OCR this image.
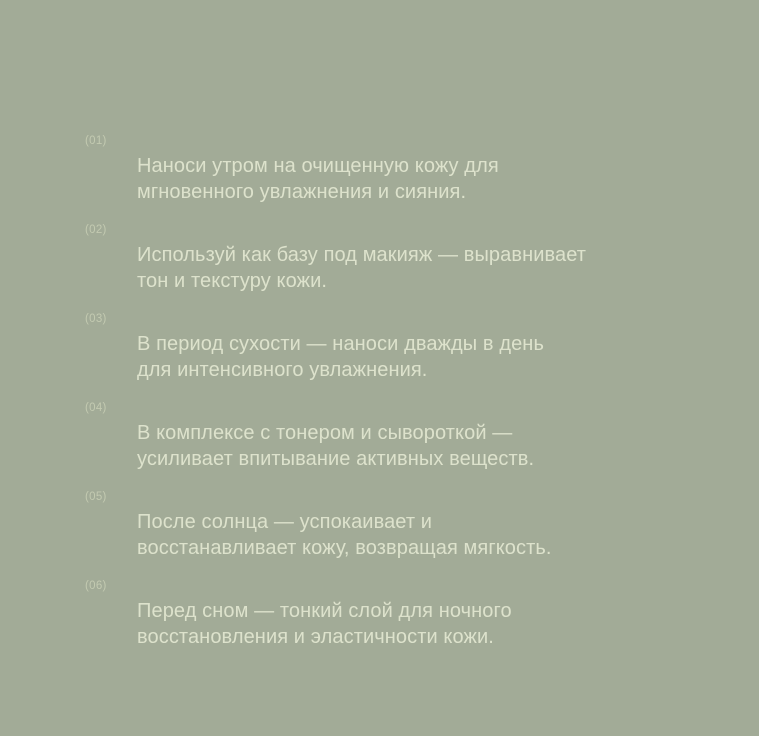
(01)
Наноси утром на очищенную кожу для
мгновенного увлажнения и сияния.
(02)
Используй как базу под макияж — выравнивает
тон и текстуру кожи.
(03)
В период сухости — наноси дважды в день
для интенсивного увлажнения.
(04)
В комплексе с тонером и сывороткой —
усиливает впитывание активных веществ.
(05)
После солнца — успокаивает и
восстанавливает кожу, возвращая мягкость.
(06)
Перед сном — тонкий слой для ночного
восстановления и эластичности кожи.
